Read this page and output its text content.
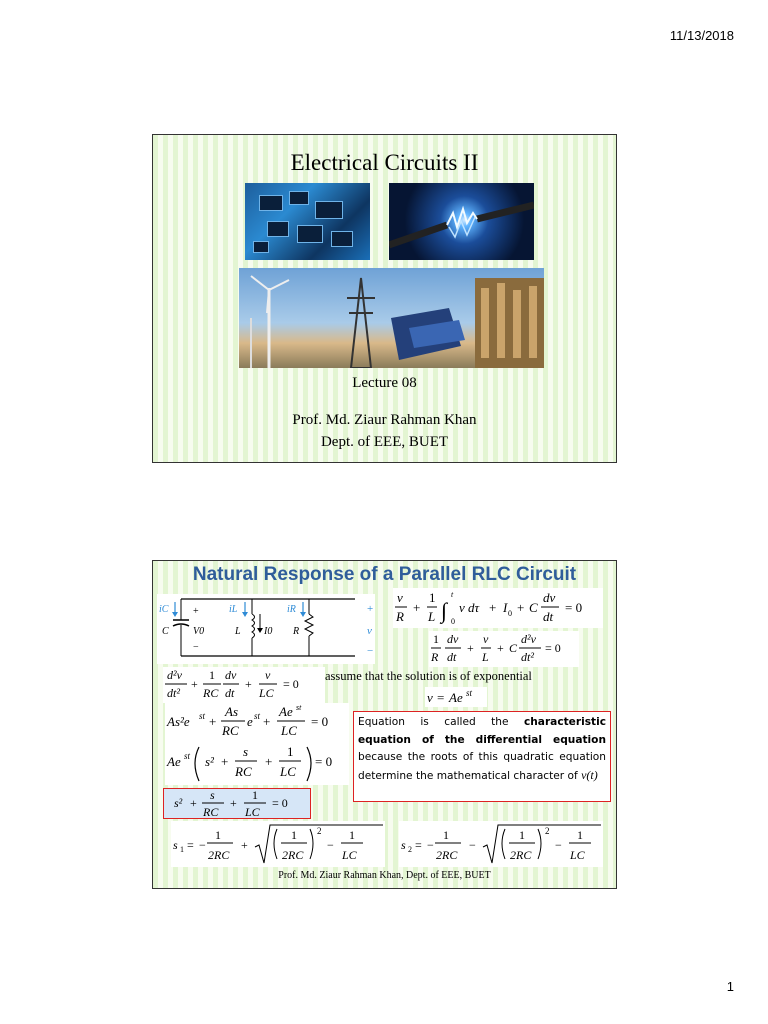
11/13/2018
Electrical Circuits II
Lecture 08
Prof. Md. Ziaur Rahman Khan
Dept. of EEE, BUET
Natural Response of a Parallel RLC Circuit
iC	iL	iR
C
+
V0
−
L I0 R
+
v
−
v
R
+
1
L ∫
t
0
v dτ + I 0 + C
dv
dt
= 0
1
R
dv
dt
+
v
L
+ C
d²v
dt²
= 0
d²v
dt²
+
1
RC
dv
dt
+
v
LC
= 0
assume that the solution is of exponential
v = Ae st
As²e st +
As
RC
e st +
Ae st
LC
= 0
Ae st s² +
s
RC
+
1
LC
= 0
s² +
s
RC
+
1
LC
= 0
Equation is called the characteristic equation of the differential equation because the roots of this quadratic equation determine the mathematical character of v(t)
s 1 = −
1
2RC
+
1
2RC
2
−
1
LC
s 2 = −
1
2RC
−
1
2RC
2
−
1
LC
Prof. Md. Ziaur Rahman Khan, Dept. of EEE, BUET
1
